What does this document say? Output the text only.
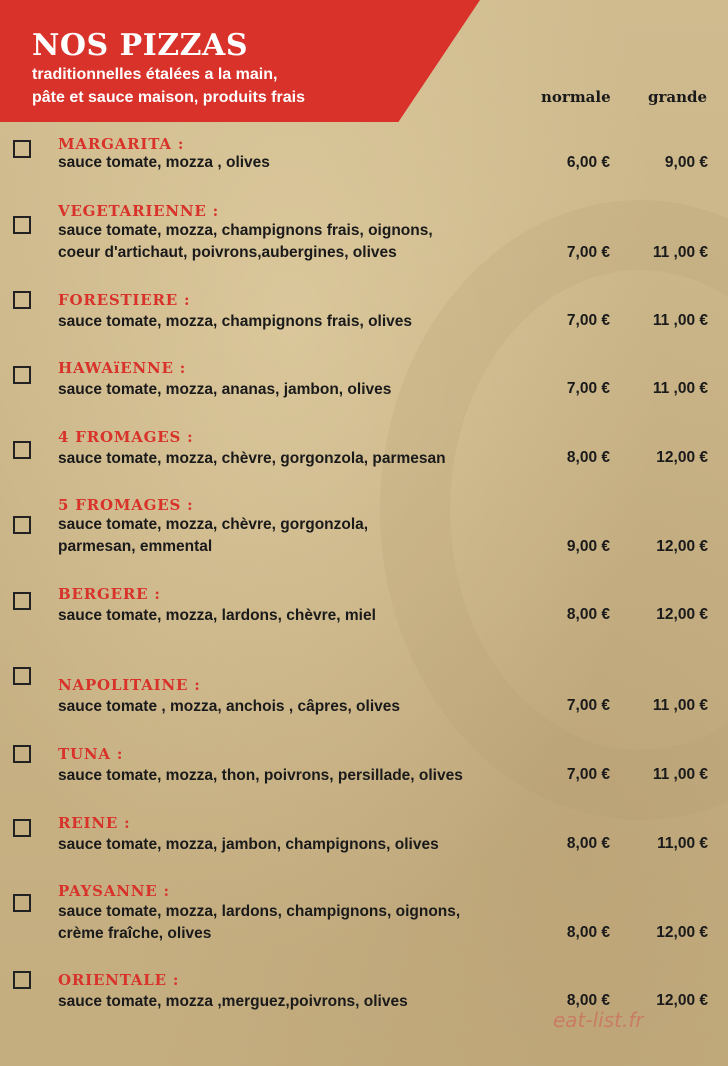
NOS PIZZAS
traditionnelles étalées a la main,
pâte et sauce maison, produits frais	normale grande
MARGARITA :
sauce tomate, mozza , olives	6,00 €	9,00 €
VEGETARIENNE :
sauce tomate, mozza, champignons frais, oignons,
coeur d'artichaut, poivrons,aubergines, olives	7,00 €	11 ,00 €
FORESTIERE :
sauce tomate, mozza, champignons frais, olives	7,00 €	11 ,00 €
HAWAïENNE :
sauce tomate, mozza, ananas, jambon, olives	7,00 €	11 ,00 €
4 FROMAGES :
sauce tomate, mozza, chèvre, gorgonzola, parmesan	8,00 €	12,00 €
5 FROMAGES :
sauce tomate, mozza, chèvre, gorgonzola,
parmesan, emmental	9,00 €	12,00 €
BERGERE :
sauce tomate, mozza, lardons, chèvre, miel	8,00 €	12,00 €
NAPOLITAINE :
sauce tomate , mozza, anchois , câpres, olives	7,00 €	11 ,00 €
TUNA :
sauce tomate, mozza, thon, poivrons, persillade, olives	7,00 €	11 ,00 €
REINE :
sauce tomate, mozza, jambon, champignons, olives	8,00 €	11,00 €
PAYSANNE :
sauce tomate, mozza, lardons, champignons, oignons,
crème fraîche, olives	8,00 €	12,00 €
ORIENTALE :
sauce tomate, mozza ,merguez,poivrons, olives	8,00 €	12,00 €
eat-list.fr
